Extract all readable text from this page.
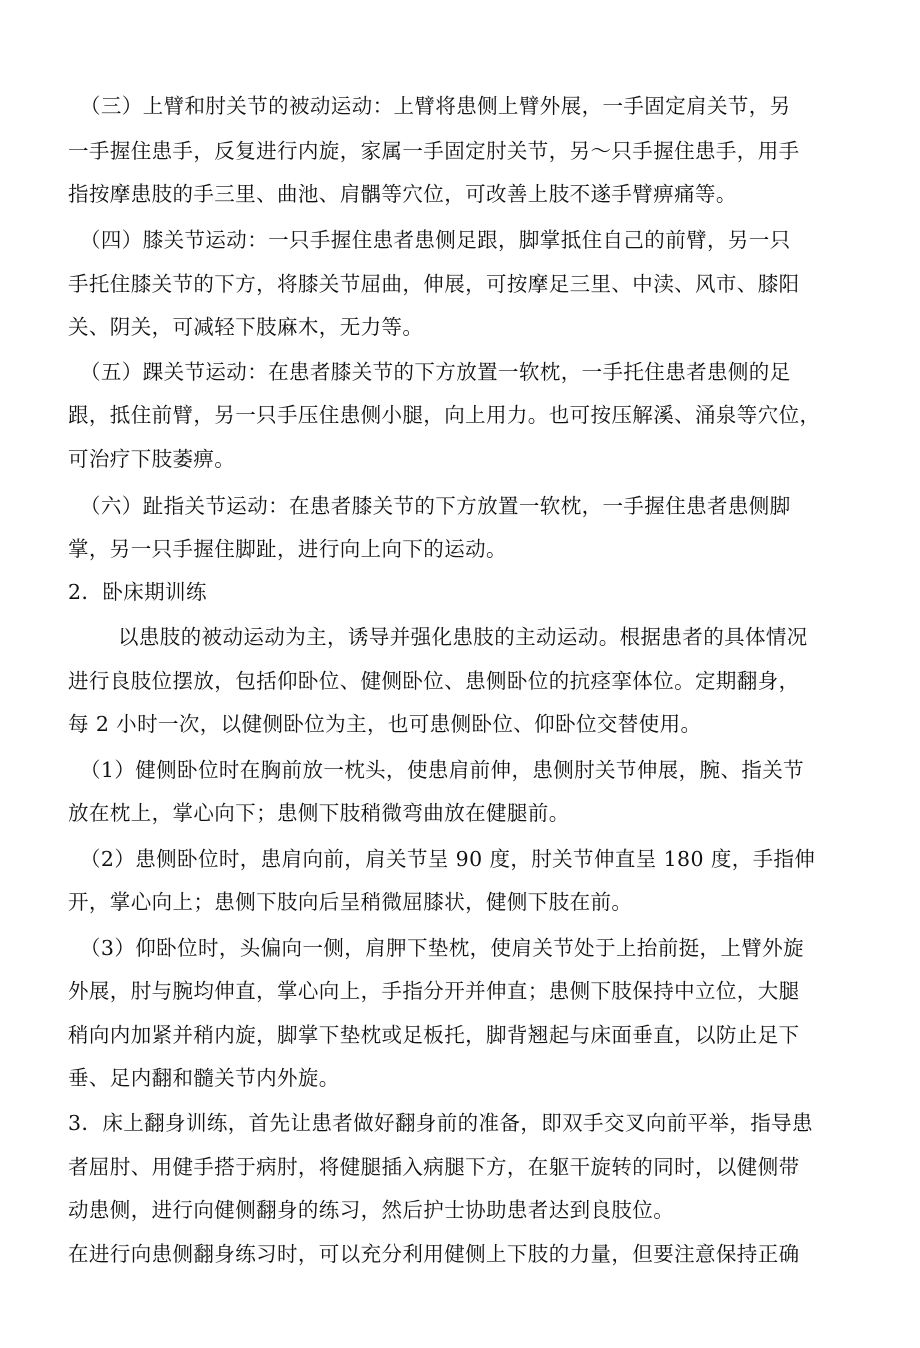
（三）上臂和肘关节的被动运动：上臂将患侧上臂外展，一手固定肩关节，另
一手握住患手，反复进行内旋，家属一手固定肘关节，另～只手握住患手，用手
指按摩患肢的手三里、曲池、肩髃等穴位，可改善上肢不遂手臂痹痛等。
（四）膝关节运动：一只手握住患者患侧足跟，脚掌抵住自己的前臂，另一只
手托住膝关节的下方，将膝关节屈曲，伸展，可按摩足三里、中渎、风市、膝阳
关、阴关，可减轻下肢麻木，无力等。
（五）踝关节运动：在患者膝关节的下方放置一软枕，一手托住患者患侧的足
跟，抵住前臂，另一只手压住患侧小腿，向上用力。也可按压解溪、涌泉等穴位，
可治疗下肢萎痹。
（六）趾指关节运动：在患者膝关节的下方放置一软枕，一手握住患者患侧脚
掌，另一只手握住脚趾，进行向上向下的运动。
2．卧床期训练
以患肢的被动运动为主，诱导并强化患肢的主动运动。根据患者的具体情况
进行良肢位摆放，包括仰卧位、健侧卧位、患侧卧位的抗痉挛体位。定期翻身，
每 2 小时一次，以健侧卧位为主，也可患侧卧位、仰卧位交替使用。
（1）健侧卧位时在胸前放一枕头，使患肩前伸，患侧肘关节伸展，腕、指关节
放在枕上，掌心向下；患侧下肢稍微弯曲放在健腿前。
（2）患侧卧位时，患肩向前，肩关节呈 90 度，肘关节伸直呈 180 度，手指伸
开，掌心向上；患侧下肢向后呈稍微屈膝状，健侧下肢在前。
（3）仰卧位时，头偏向一侧，肩胛下垫枕，使肩关节处于上抬前挺，上臂外旋
外展，肘与腕均伸直，掌心向上，手指分开并伸直；患侧下肢保持中立位，大腿
稍向内加紧并稍内旋，脚掌下垫枕或足板托，脚背翘起与床面垂直，以防止足下
垂、足内翻和髓关节内外旋。
3．床上翻身训练，首先让患者做好翻身前的准备，即双手交叉向前平举，指导患
者屈肘、用健手搭于病肘，将健腿插入病腿下方，在躯干旋转的同时，以健侧带
动患侧，进行向健侧翻身的练习，然后护士协助患者达到良肢位。
在进行向患侧翻身练习时，可以充分利用健侧上下肢的力量，但要注意保持正确
